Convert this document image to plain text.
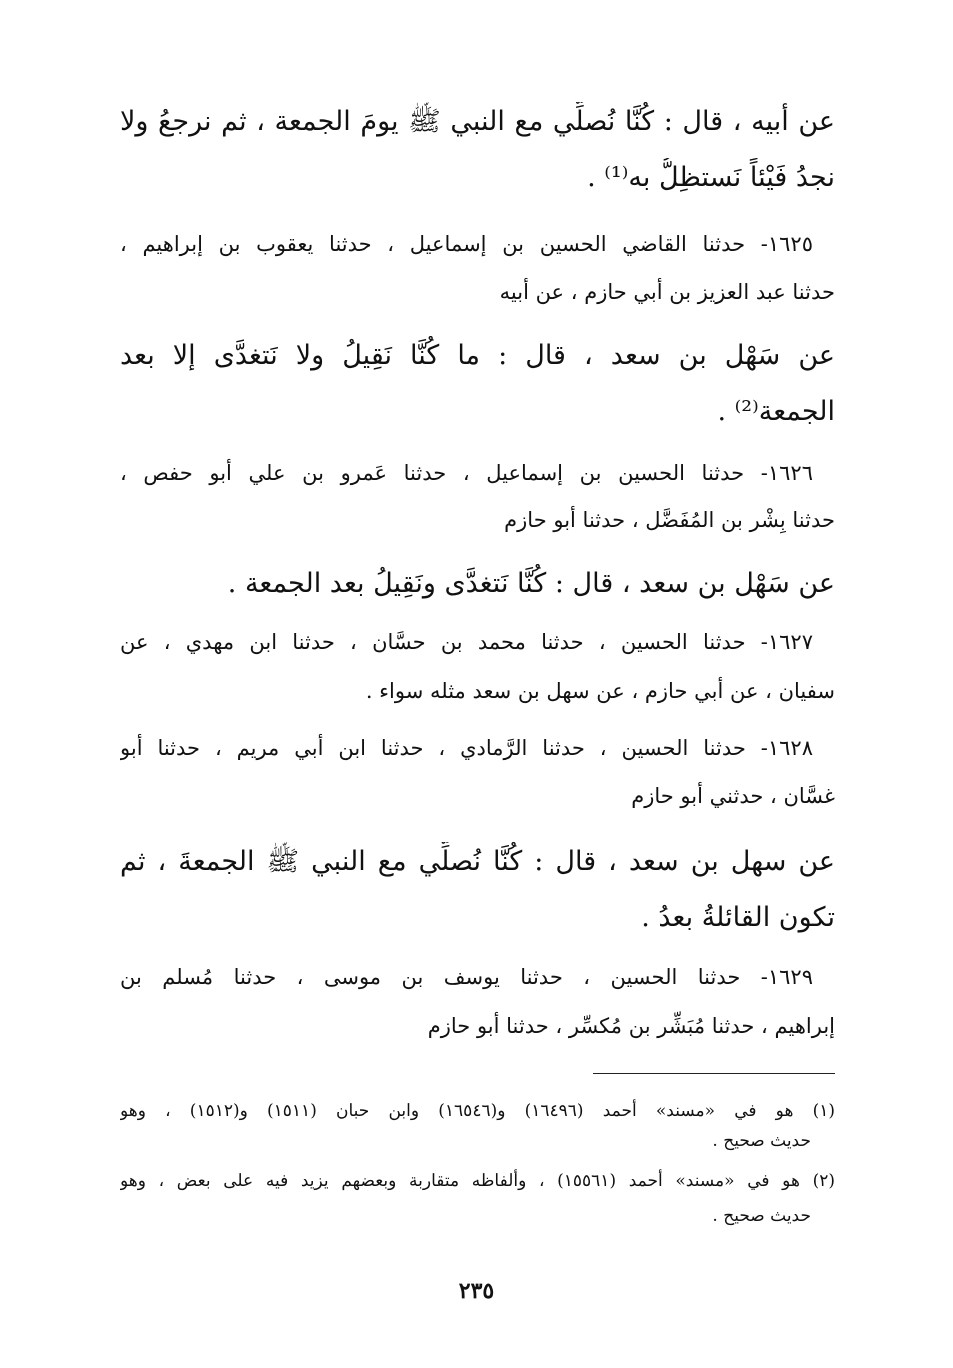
عن أبيه ، قال : كُنَّا نُصلِّي مع النبي ﷺ يومَ الجمعة ، ثم نرجعُ ولا
نجدُ فَيْئاً نَستظِلُّ به⁽¹⁾ .
١٦٢٥- حدثنا القاضي الحسين بن إسماعيل ، حدثنا يعقوب بن إبراهيم ،
حدثنا عبد العزيز بن أبي حازم ، عن أبيه
عن سَهْل بن سعد ، قال : ما كُنَّا نَقِيلُ ولا نَتغدَّى إلا بعد
الجمعة⁽²⁾ .
١٦٢٦- حدثنا الحسين بن إسماعيل ، حدثنا عَمرو بن علي أبو حفص ،
حدثنا بِشْر بن المُفَضَّل ، حدثنا أبو حازم
عن سَهْل بن سعد ، قال : كُنَّا نَتغدَّى ونَقِيلُ بعد الجمعة .
١٦٢٧- حدثنا الحسين ، حدثنا محمد بن حسَّان ، حدثنا ابن مهدي ، عن
سفيان ، عن أبي حازم ، عن سهل بن سعد مثله سواء .
١٦٢٨- حدثنا الحسين ، حدثنا الرَّمادي ، حدثنا ابن أبي مريم ، حدثنا أبو
غسَّان ، حدثني أبو حازم
عن سهل بن سعد ، قال : كُنَّا نُصلِّي مع النبي ﷺ الجمعةَ ، ثم
تكون القائلةُ بعدُ .
١٦٢٩- حدثنا الحسين ، حدثنا يوسف بن موسى ، حدثنا مُسلم بن
إبراهيم ، حدثنا مُبَشِّر بن مُكسِّر ، حدثنا أبو حازم
(١) هو في «مسند» أحمد (١٦٤٩٦) و(١٦٥٤٦) وابن حبان (١٥١١) و(١٥١٢) ، وهو
حديث صحيح .
(٢) هو في «مسند» أحمد (١٥٥٦١) ، وألفاظه متقاربة وبعضهم يزيد فيه على بعض ، وهو
حديث صحيح .
٢٣٥
